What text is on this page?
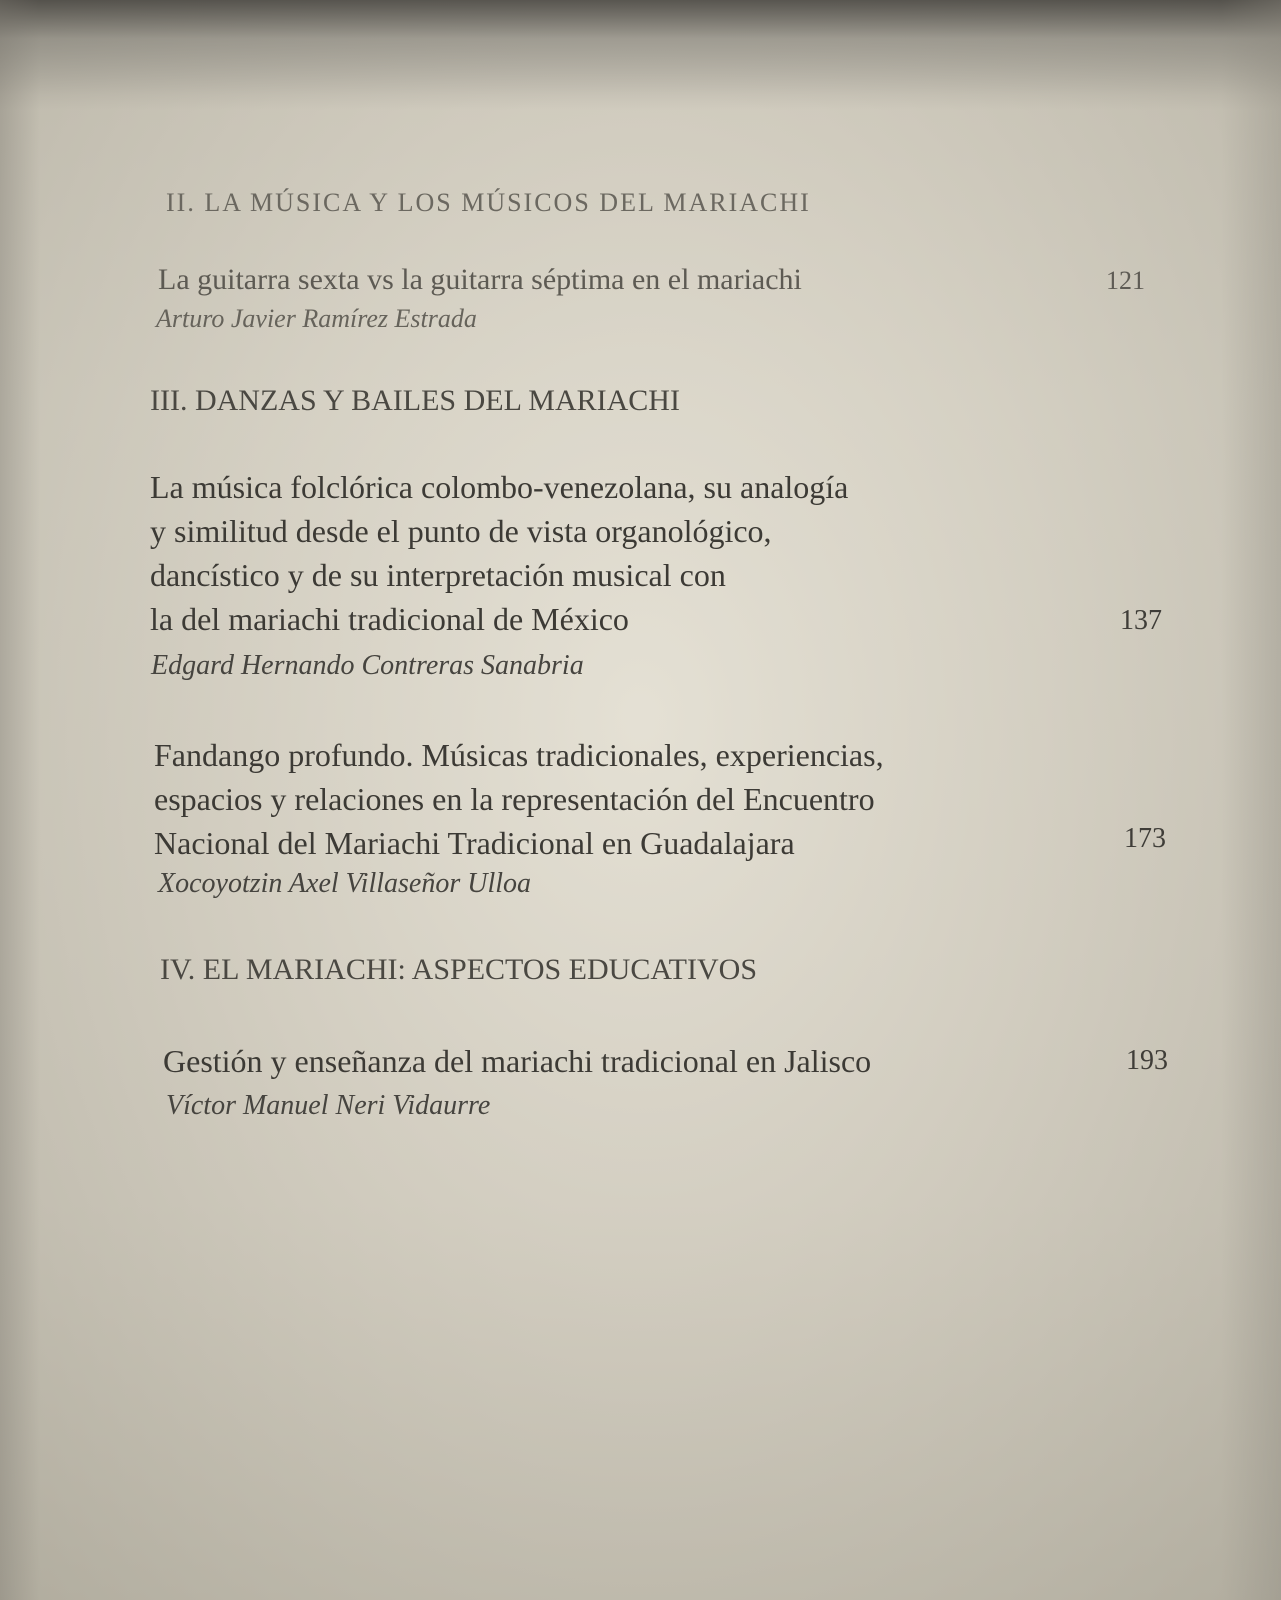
II. LA MÚSICA Y LOS MÚSICOS DEL MARIACHI
La guitarra sexta vs la guitarra séptima en el mariachi	121
Arturo Javier Ramírez Estrada
III. DANZAS Y BAILES DEL MARIACHI
La música folclórica colombo-venezolana, su analogía
y similitud desde el punto de vista organológico,
dancístico y de su interpretación musical con
la del mariachi tradicional de México	137
Edgard Hernando Contreras Sanabria
Fandango profundo. Músicas tradicionales, experiencias,
espacios y relaciones en la representación del Encuentro
Nacional del Mariachi Tradicional en Guadalajara	173
Xocoyotzin Axel Villaseñor Ulloa
IV. EL MARIACHI: ASPECTOS EDUCATIVOS
Gestión y enseñanza del mariachi tradicional en Jalisco	193
Víctor Manuel Neri Vidaurre
